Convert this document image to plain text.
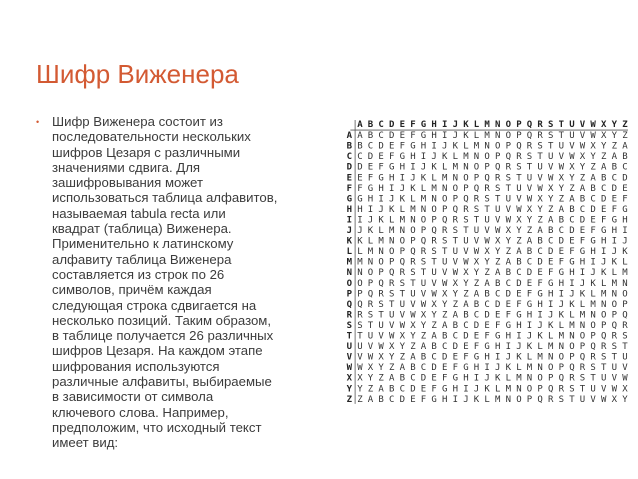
Шифр Виженера
• Шифр Виженера состоит из
последовательности нескольких
шифров Цезаря с различными
значениями сдвига. Для
зашифровывания может
использоваться таблица алфавитов,
называемая tabula recta или
квадрат (таблица) Виженера.
Применительно к латинскому
алфавиту таблица Виженера
составляется из строк по 26
символов, причём каждая
следующая строка сдвигается на
несколько позиций. Таким образом,
в таблице получается 26 различных
шифров Цезаря. На каждом этапе
шифрования используются
различные алфавиты, выбираемые
в зависимости от символа
ключевого слова. Например,
предположим, что исходный текст
имеет вид:
A B C D E F G H I J K L M N O P Q R S T U V W X Y Z
A A B C D E F G H I J K L M N O P Q R S T U V W X Y Z
B B C D E F G H I J K L M N O P Q R S T U V W X Y Z A
C C D E F G H I J K L M N O P Q R S T U V W X Y Z A B
D D E F G H I J K L M N O P Q R S T U V W X Y Z A B C
E E F G H I J K L M N O P Q R S T U V W X Y Z A B C D
F F G H I J K L M N O P Q R S T U V W X Y Z A B C D E
G G H I J K L M N O P Q R S T U V W X Y Z A B C D E F
H H I J K L M N O P Q R S T U V W X Y Z A B C D E F G
I I J K L M N O P Q R S T U V W X Y Z A B C D E F G H
J J K L M N O P Q R S T U V W X Y Z A B C D E F G H I
K K L M N O P Q R S T U V W X Y Z A B C D E F G H I J
L L M N O P Q R S T U V W X Y Z A B C D E F G H I J K
M M N O P Q R S T U V W X Y Z A B C D E F G H I J K L
N N O P Q R S T U V W X Y Z A B C D E F G H I J K L M
O O P Q R S T U V W X Y Z A B C D E F G H I J K L M N
P P Q R S T U V W X Y Z A B C D E F G H I J K L M N O
Q Q R S T U V W X Y Z A B C D E F G H I J K L M N O P
R R S T U V W X Y Z A B C D E F G H I J K L M N O P Q
S S T U V W X Y Z A B C D E F G H I J K L M N O P Q R
T T U V W X Y Z A B C D E F G H I J K L M N O P Q R S
U U V W X Y Z A B C D E F G H I J K L M N O P Q R S T
V V W X Y Z A B C D E F G H I J K L M N O P Q R S T U
W W X Y Z A B C D E F G H I J K L M N O P Q R S T U V
X X Y Z A B C D E F G H I J K L M N O P Q R S T U V W
Y Y Z A B C D E F G H I J K L M N O P Q R S T U V W X
Z Z A B C D E F G H I J K L M N O P Q R S T U V W X Y
